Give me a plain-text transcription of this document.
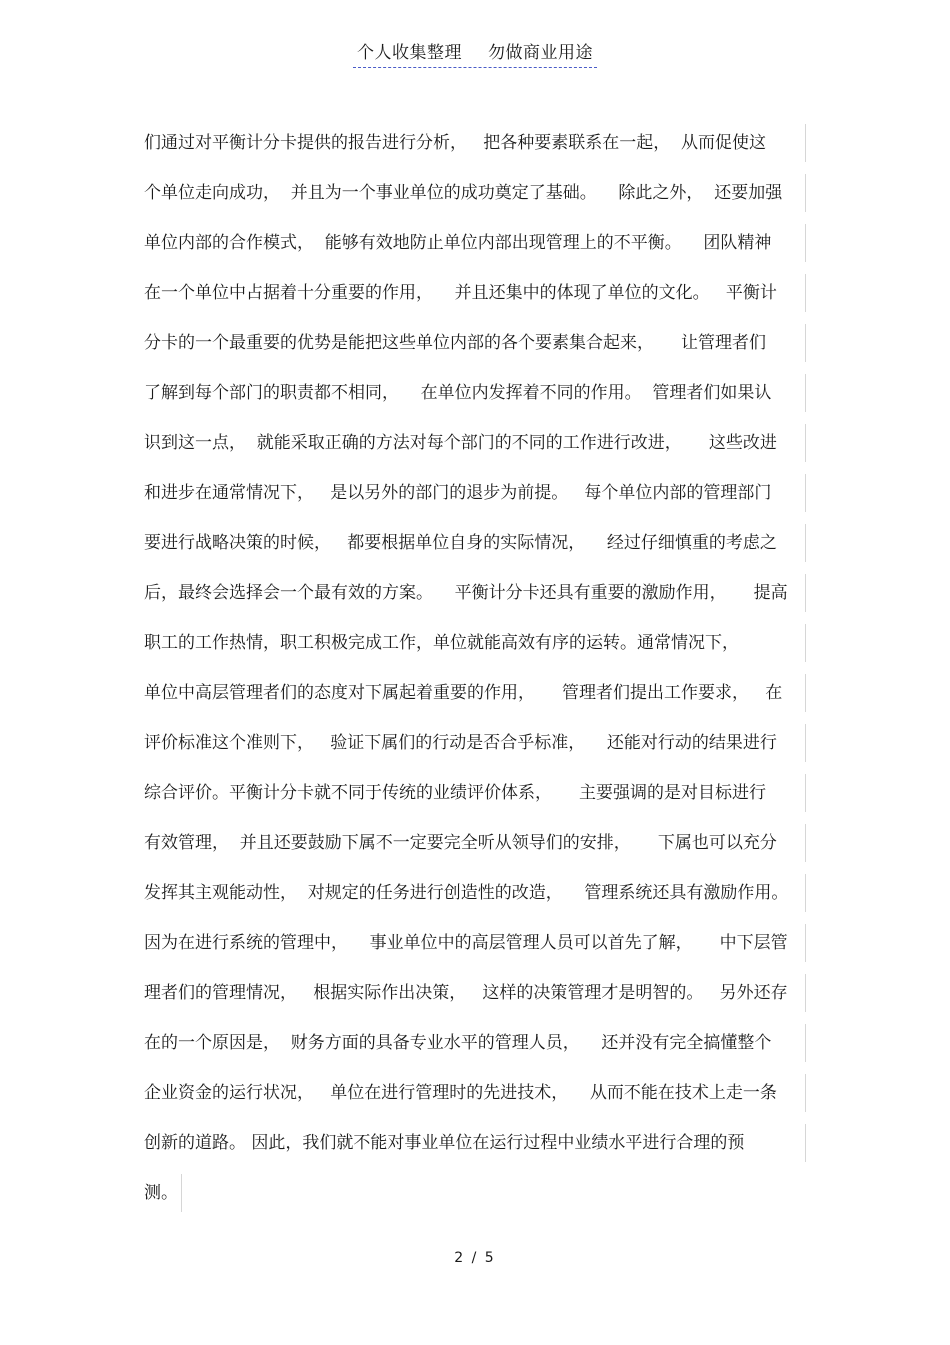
个人收集整理 勿做商业用途
们通过对平衡计分卡提供的报告进行分析，   把各种要素联系在一起，  从而促使这
个单位走向成功，  并且为一个事业单位的成功奠定了基础。    除此之外，  还要加强
单位内部的合作模式，  能够有效地防止单位内部出现管理上的不平衡。    团队精神
在一个单位中占据着十分重要的作用，    并且还集中的体现了单位的文化。   平衡计
分卡的一个最重要的优势是能把这些单位内部的各个要素集合起来，     让管理者们
了解到每个部门的职责都不相同，    在单位内发挥着不同的作用。  管理者们如果认
识到这一点，  就能采取正确的方法对每个部门的不同的工作进行改进，     这些改进
和进步在通常情况下，   是以另外的部门的退步为前提。   每个单位内部的管理部门
要进行战略决策的时候，   都要根据单位自身的实际情况，    经过仔细慎重的考虑之
后，最终会选择会一个最有效的方案。    平衡计分卡还具有重要的激励作用，     提高
职工的工作热情，职工积极完成工作，单位就能高效有序的运转。通常情况下，
单位中高层管理者们的态度对下属起着重要的作用，     管理者们提出工作要求，   在
评价标准这个准则下，   验证下属们的行动是否合乎标准，    还能对行动的结果进行
综合评价。平衡计分卡就不同于传统的业绩评价体系，     主要强调的是对目标进行
有效管理，  并且还要鼓励下属不一定要完全听从领导们的安排，     下属也可以充分
发挥其主观能动性，  对规定的任务进行创造性的改造，    管理系统还具有激励作用。
因为在进行系统的管理中，    事业单位中的高层管理人员可以首先了解，     中下层管
理者们的管理情况，   根据实际作出决策，   这样的决策管理才是明智的。   另外还存
在的一个原因是，  财务方面的具备专业水平的管理人员，    还并没有完全搞懂整个
企业资金的运行状况，   单位在进行管理时的先进技术，    从而不能在技术上走一条
创新的道路。 因此，我们就不能对事业单位在运行过程中业绩水平进行合理的预
测。
2 / 5
